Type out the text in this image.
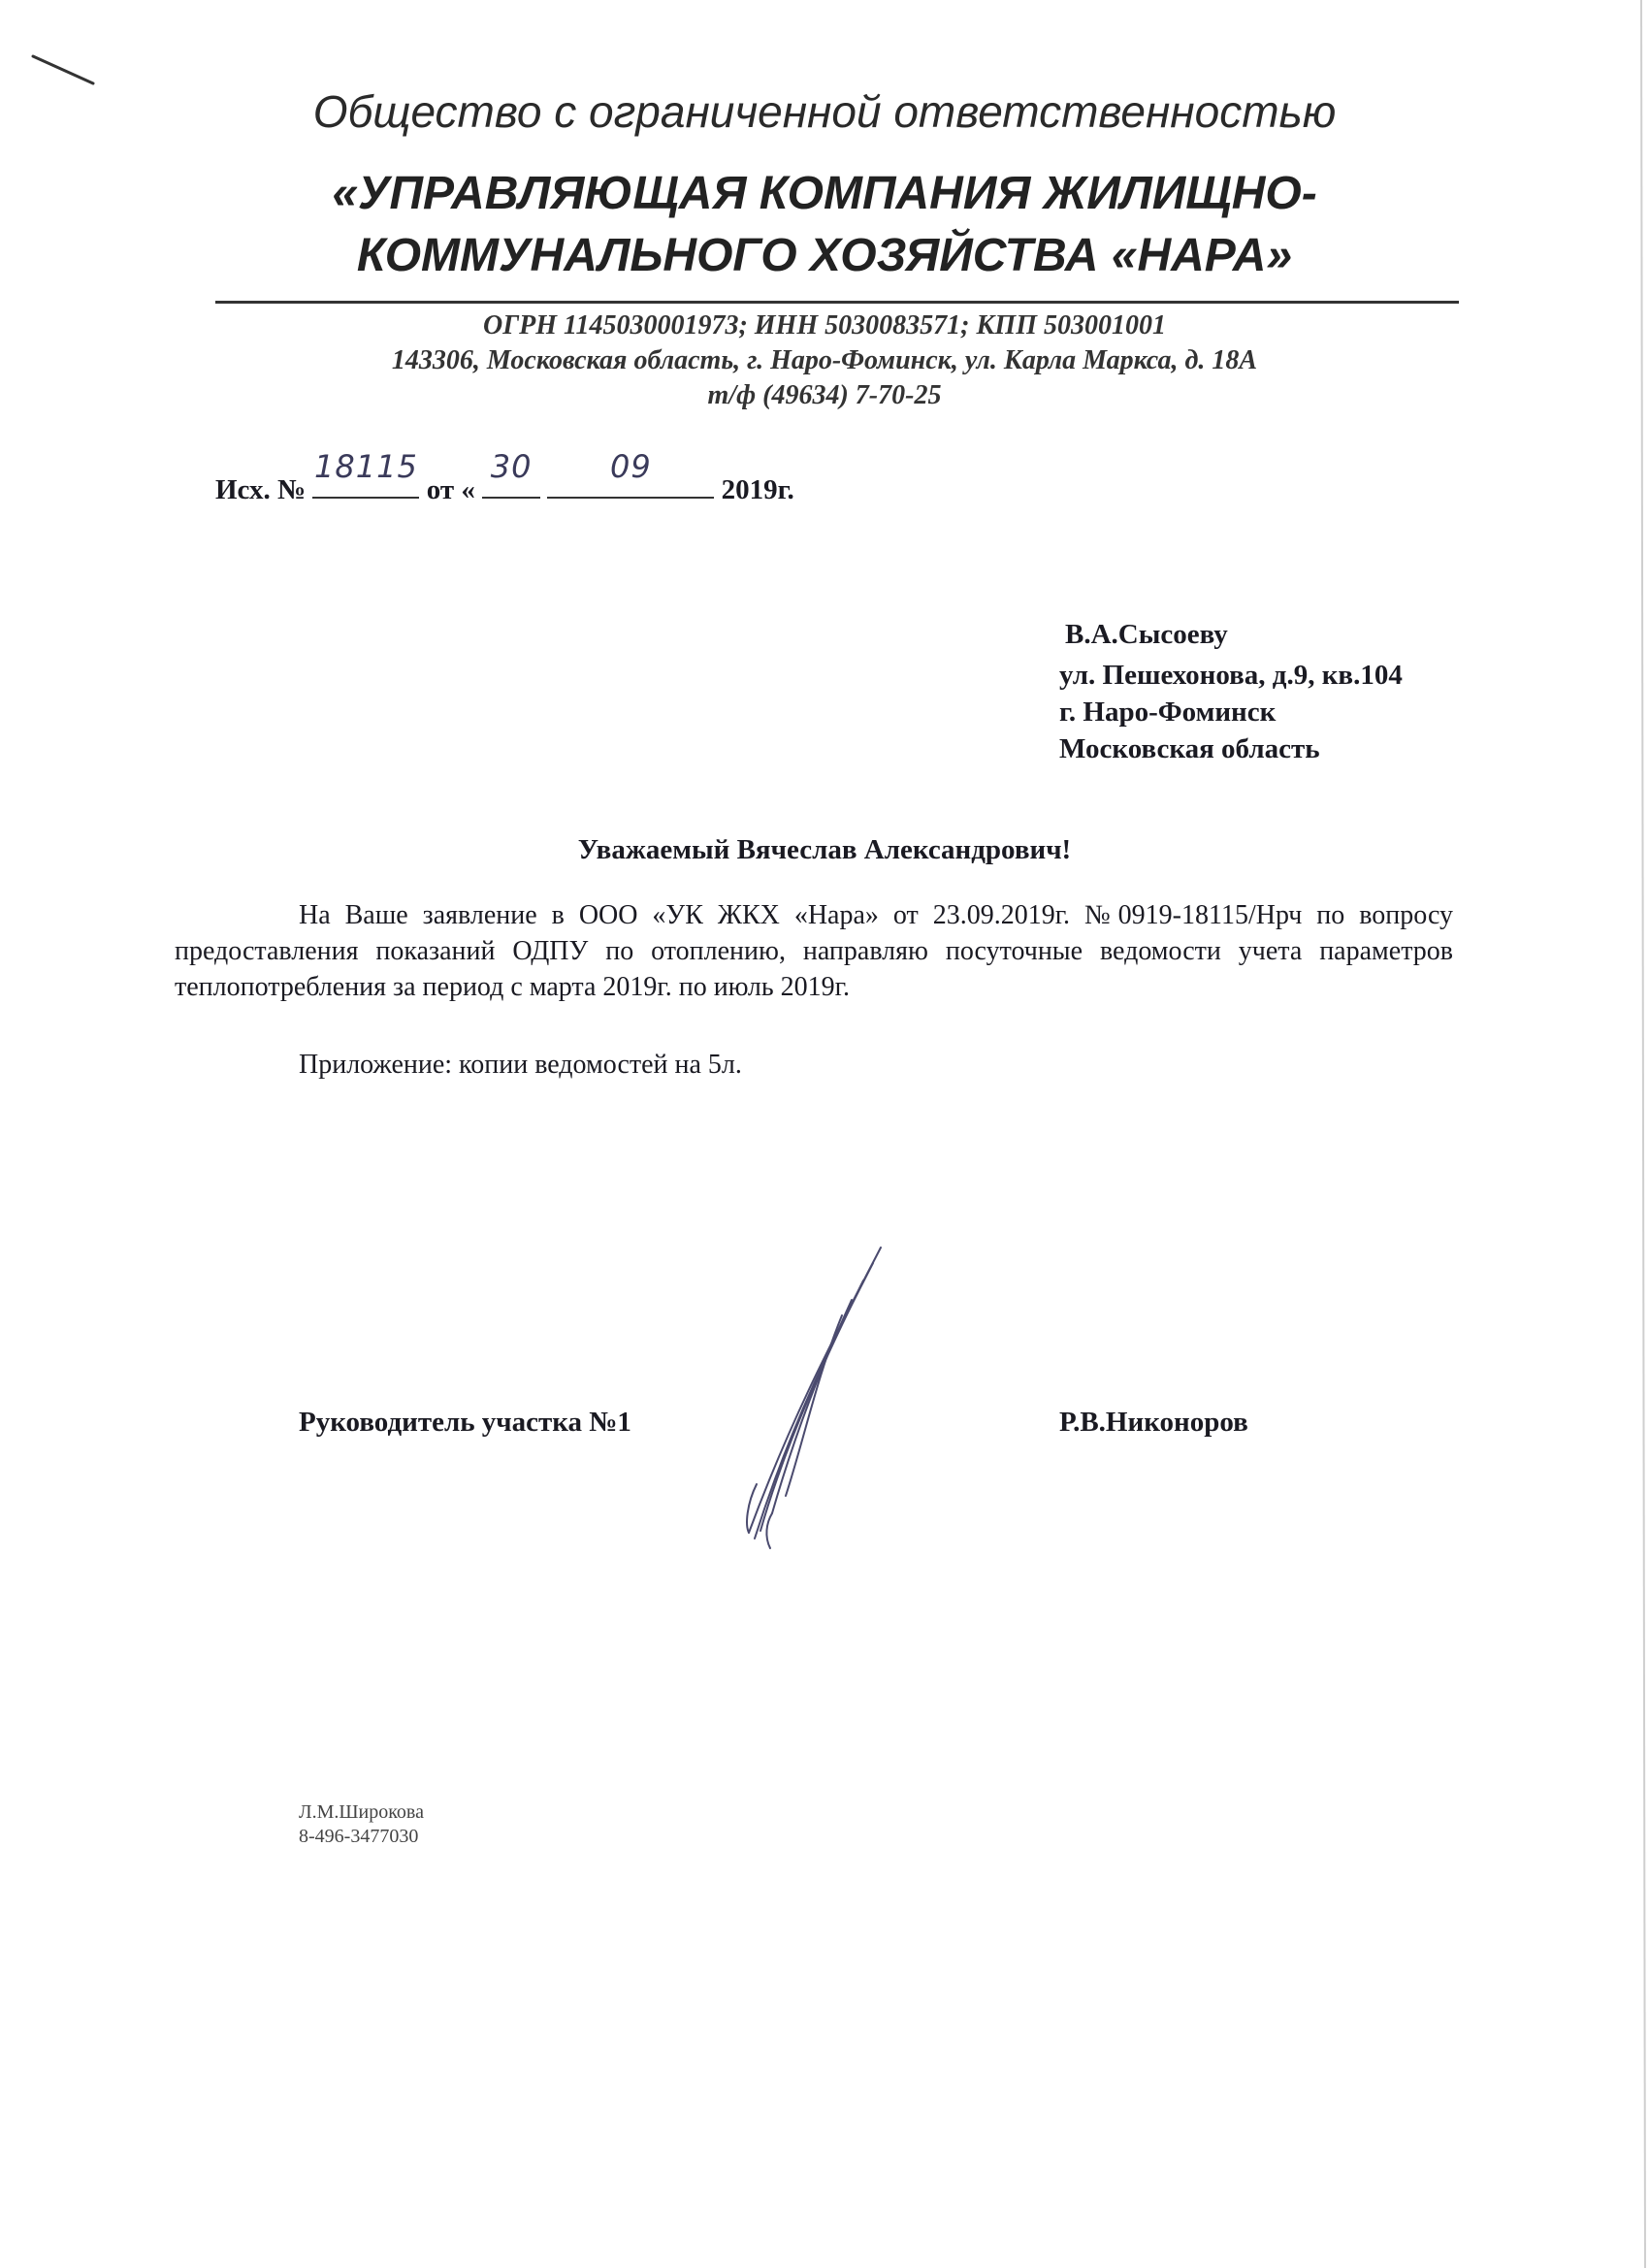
Общество с ограниченной ответственностью
«УПРАВЛЯЮЩАЯ КОМПАНИЯ ЖИЛИЩНО-КОММУНАЛЬНОГО ХОЗЯЙСТВА «НАРА»
ОГРН 1145030001973; ИНН 5030083571; КПП 503001001
143306, Московская область, г. Наро-Фоминск, ул. Карла Маркса, д. 18А
т/ф (49634) 7-70-25
Исх. №
18115
от «
30
	09
2019г.
В.А.Сысоеву
ул. Пешехонова, д.9, кв.104
г. Наро-Фоминск
Московская область
Уважаемый Вячеслав Александрович!
На Ваше заявление в ООО «УК ЖКХ «Нара» от 23.09.2019г. №0919-18115/Нрч по вопросу предоставления показаний ОДПУ по отоплению, направляю посуточные ведомости учета параметров теплопотребления за период с марта 2019г. по июль 2019г.
Приложение: копии ведомостей на 5л.
Руководитель участка №1	Р.В.Никоноров
Л.М.Широкова
8-496-3477030
